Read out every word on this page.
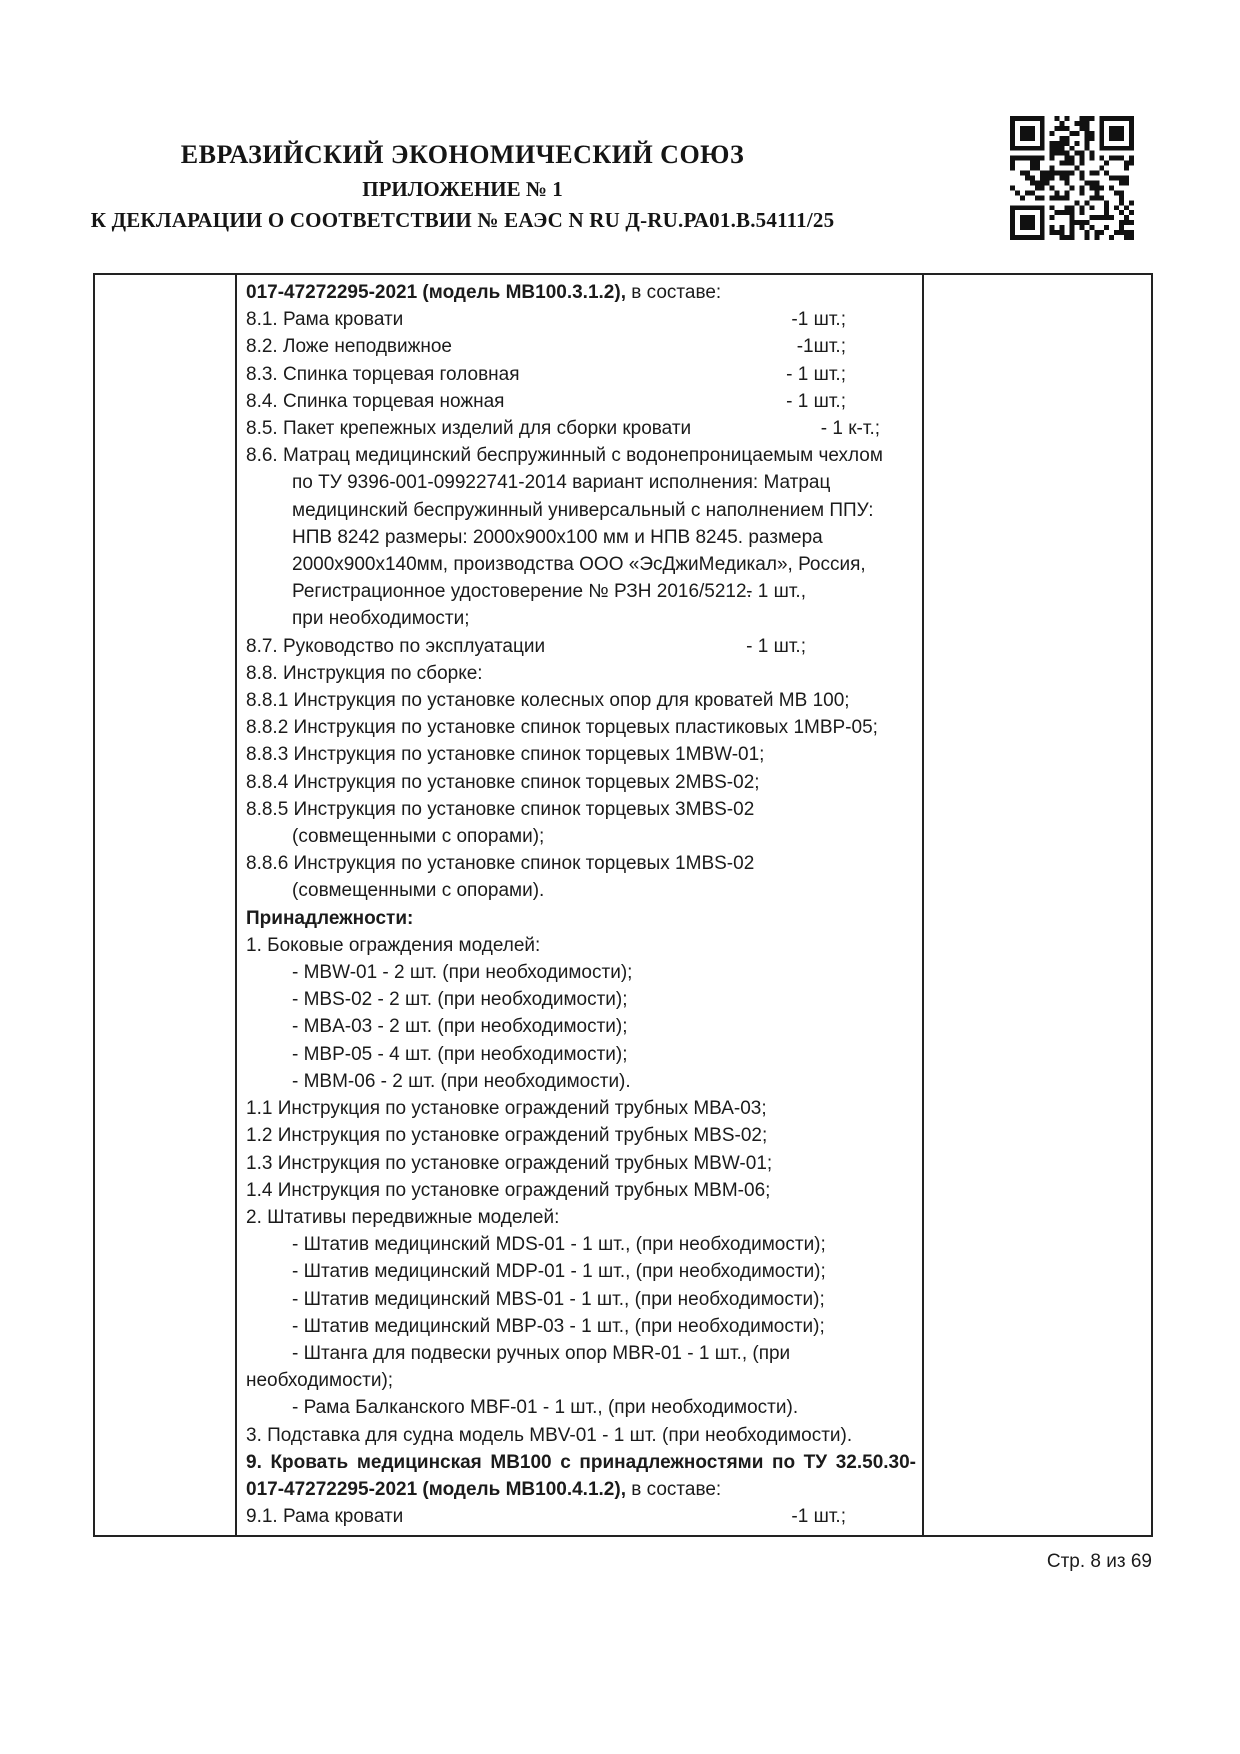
ЕВРАЗИЙСКИЙ ЭКОНОМИЧЕСКИЙ СОЮЗ
ПРИЛОЖЕНИЕ № 1
К ДЕКЛАРАЦИИ О СООТВЕТСТВИИ № ЕАЭС N RU Д-RU.РА01.В.54111/25
017-47272295-2021 (модель МВ100.3.1.2), в составе:
8.1. Рама кровати	-1 шт.;
8.2. Ложе неподвижное	-1шт.;
8.3. Спинка торцевая головная	- 1 шт.;
8.4. Спинка торцевая ножная	- 1 шт.;
8.5. Пакет крепежных изделий для сборки кровати	- 1 к-т.;
8.6. Матрац медицинский беспружинный с водонепроницаемым чехлом
по ТУ 9396-001-09922741-2014 вариант исполнения: Матрац
медицинский беспружинный универсальный с наполнением ППУ:
НПВ 8242 размеры: 2000х900х100 мм и НПВ 8245. размера
2000х900х140мм, производства ООО «ЭсДжиМедикал», Россия,
Регистрационное удостоверение № РЗН 2016/5212.
- 1 шт.,
при необходимости;
8.7. Руководство по эксплуатации	- 1 шт.;
8.8. Инструкция по сборке:
8.8.1 Инструкция по установке колесных опор для кроватей МВ 100;
8.8.2 Инструкция по установке спинок торцевых пластиковых 1МВР-05;
8.8.3 Инструкция по установке спинок торцевых 1MBW-01;
8.8.4 Инструкция по установке спинок торцевых 2MBS-02;
8.8.5 Инструкция по установке спинок торцевых 3MBS-02
(совмещенными с опорами);
8.8.6 Инструкция по установке спинок торцевых 1MBS-02
(совмещенными с опорами).
Принадлежности:
1. Боковые ограждения моделей:
- MBW-01 - 2 шт. (при необходимости);
- MBS-02 - 2 шт. (при необходимости);
- MBA-03 - 2 шт. (при необходимости);
- MBP-05 - 4 шт. (при необходимости);
- MBM-06 - 2 шт. (при необходимости).
1.1 Инструкция по установке ограждений трубных МВА-03;
1.2 Инструкция по установке ограждений трубных MBS-02;
1.3 Инструкция по установке ограждений трубных MBW-01;
1.4 Инструкция по установке ограждений трубных МВМ-06;
2. Штативы передвижные моделей:
- Штатив медицинский MDS-01 - 1 шт., (при необходимости);
- Штатив медицинский MDP-01 - 1 шт., (при необходимости);
- Штатив медицинский MBS-01 - 1 шт., (при необходимости);
- Штатив медицинский MBP-03 - 1 шт., (при необходимости);
- Штанга для подвески ручных опор MBR-01 - 1 шт., (при
необходимости);
- Рама Балканского MBF-01 - 1 шт., (при необходимости).
3. Подставка для судна модель MBV-01 - 1 шт. (при необходимости).
9. Кровать медицинская МВ100 с принадлежностями по ТУ 32.50.30-
017-47272295-2021 (модель МВ100.4.1.2), в составе:
9.1. Рама кровати	-1 шт.;
Стр. 8 из 69
